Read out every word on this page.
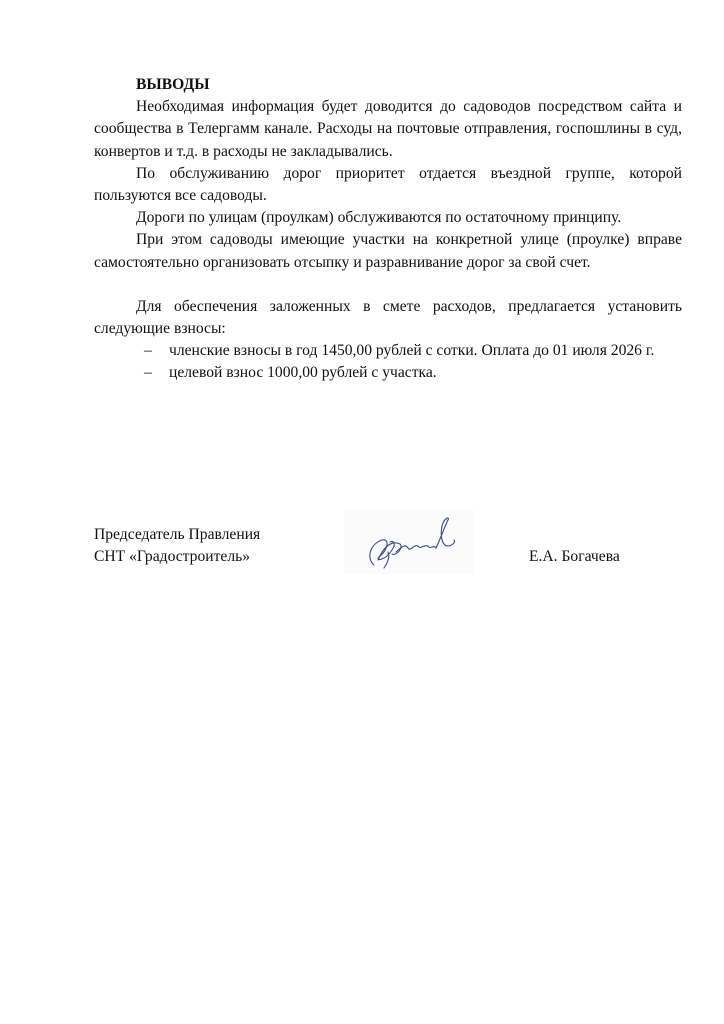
ВЫВОДЫ

Необходимая информация будет доводится до садоводов посредством сайта и сообщества в Телергамм канале. Расходы на почтовые отправления, госпошлины в суд, конвертов и т.д. в расходы не закладывались.

По обслуживанию дорог приоритет отдается въездной группе, которой пользуются все садоводы.

Дороги по улицам (проулкам) обслуживаются по остаточному принципу.

При этом садоводы имеющие участки на конкретной улице (проулке) вправе самостоятельно организовать отсыпку и разравнивание дорог за свой счет.

Для обеспечения заложенных в смете расходов, предлагается установить следующие взносы:

– членские взносы в год 1450,00 рублей с сотки. Оплата до 01 июля 2026 г.
– целевой взнос 1000,00 рублей с участка.
Председатель Правления
СНТ «Градостроитель»	Е.А. Богачева
